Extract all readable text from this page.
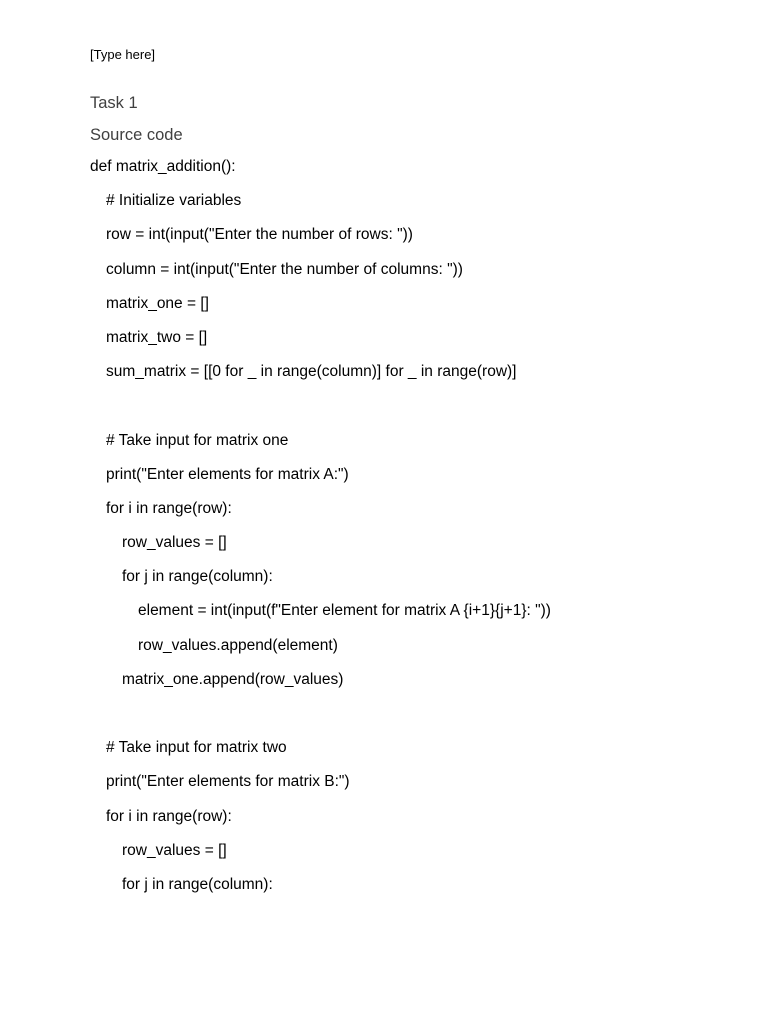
[Type here]
Task 1
Source code
def matrix_addition():
# Initialize variables
row = int(input("Enter the number of rows: "))
column = int(input("Enter the number of columns: "))
matrix_one = []
matrix_two = []
sum_matrix = [[0 for _ in range(column)] for _ in range(row)]
# Take input for matrix one
print("Enter elements for matrix A:")
for i in range(row):
row_values = []
for j in range(column):
element = int(input(f"Enter element for matrix A {i+1}{j+1}: "))
row_values.append(element)
matrix_one.append(row_values)
# Take input for matrix two
print("Enter elements for matrix B:")
for i in range(row):
row_values = []
for j in range(column):
